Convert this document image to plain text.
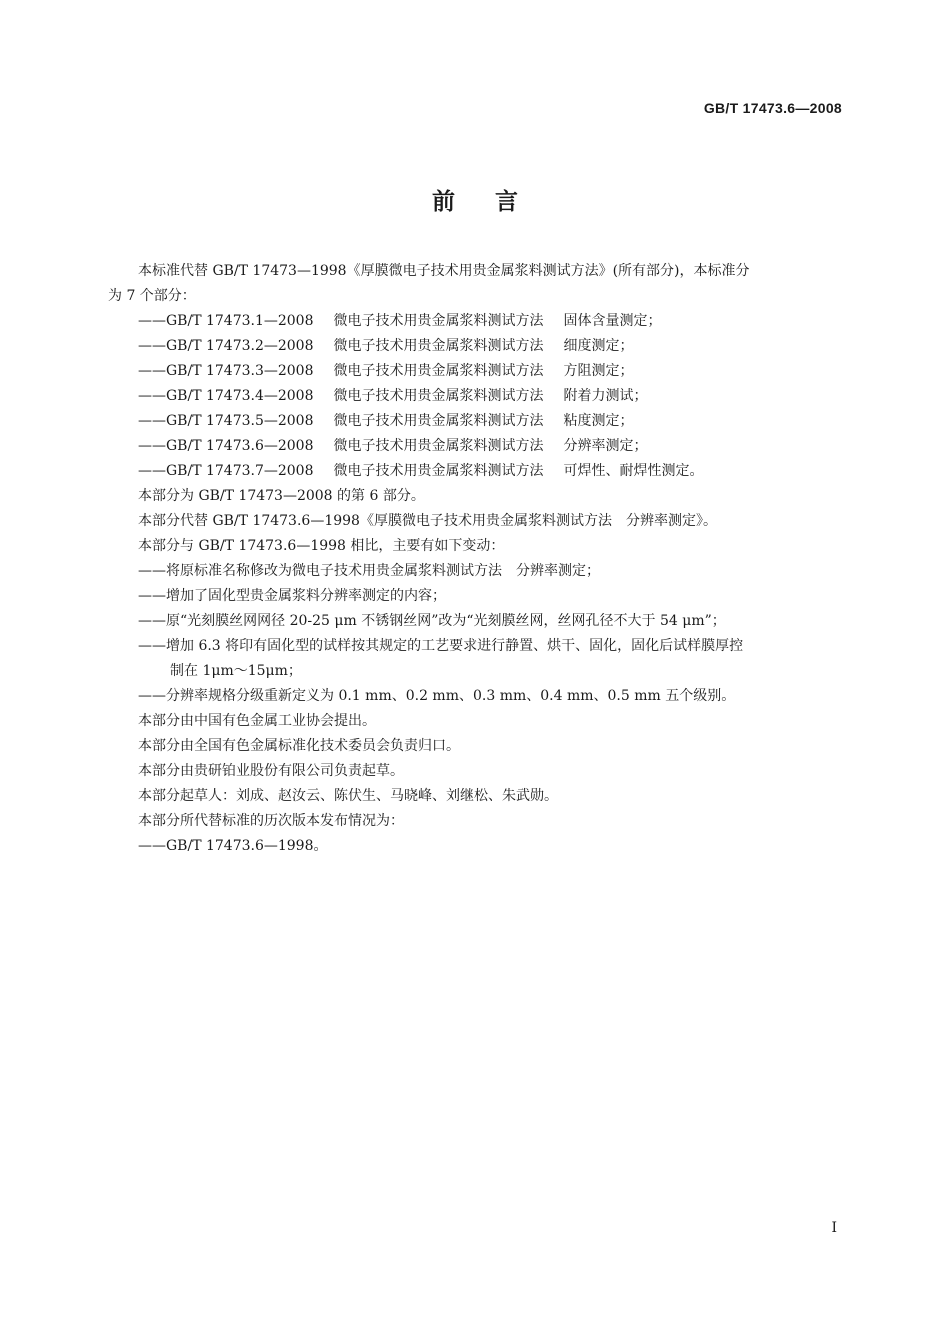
GB/T 17473.6—2008
前言
本标准代替 GB/T 17473—1998《厚膜微电子技术用贵金属浆料测试方法》(所有部分)，本标准分
为 7 个部分：
——GB/T 17473.1—2008 微电子技术用贵金属浆料测试方法 固体含量测定；
——GB/T 17473.2—2008 微电子技术用贵金属浆料测试方法 细度测定；
——GB/T 17473.3—2008 微电子技术用贵金属浆料测试方法 方阻测定；
——GB/T 17473.4—2008 微电子技术用贵金属浆料测试方法 附着力测试；
——GB/T 17473.5—2008 微电子技术用贵金属浆料测试方法 粘度测定；
——GB/T 17473.6—2008 微电子技术用贵金属浆料测试方法 分辨率测定；
——GB/T 17473.7—2008 微电子技术用贵金属浆料测试方法 可焊性、耐焊性测定。
本部分为 GB/T 17473—2008 的第 6 部分。
本部分代替 GB/T 17473.6—1998《厚膜微电子技术用贵金属浆料测试方法　分辨率测定》。
本部分与 GB/T 17473.6—1998 相比，主要有如下变动：
——将原标准名称修改为微电子技术用贵金属浆料测试方法　分辨率测定；
——增加了固化型贵金属浆料分辨率测定的内容；
——原“光刻膜丝网网径 20-25 μm 不锈钢丝网”改为“光刻膜丝网，丝网孔径不大于 54 μm”；
——增加 6.3 将印有固化型的试样按其规定的工艺要求进行静置、烘干、固化，固化后试样膜厚控
制在 1μm～15μm；
——分辨率规格分级重新定义为 0.1 mm、0.2 mm、0.3 mm、0.4 mm、0.5 mm 五个级别。
本部分由中国有色金属工业协会提出。
本部分由全国有色金属标准化技术委员会负责归口。
本部分由贵研铂业股份有限公司负责起草。
本部分起草人：刘成、赵汝云、陈伏生、马晓峰、刘继松、朱武勋。
本部分所代替标准的历次版本发布情况为：
——GB/T 17473.6—1998。
I
